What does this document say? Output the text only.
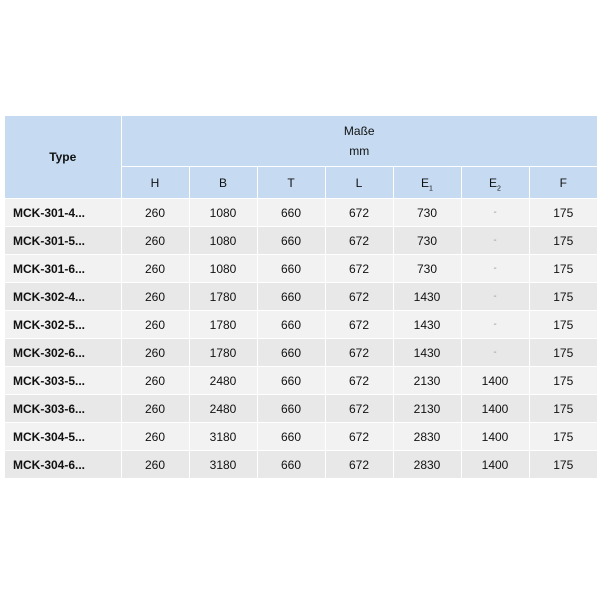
Type	Maße
mm						

	H	B	T	L	$E_1$	$E_2$	F
MCK-301-4...	260	1080	660	672	730	-	175
MCK-301-5...	260	1080	660	672	730	-	175
MCK-301-6...	260	1080	660	672	730	-	175
MCK-302-4...	260	1780	660	672	1430	-	175
MCK-302-5...	260	1780	660	672	1430	-	175
MCK-302-6...	260	1780	660	672	1430	-	175
MCK-303-5...	260	2480	660	672	2130	1400	175
MCK-303-6...	260	2480	660	672	2130	1400	175
MCK-304-5...	260	3180	660	672	2830	1400	175
MCK-304-6...	260	3180	660	672	2830	1400	175
